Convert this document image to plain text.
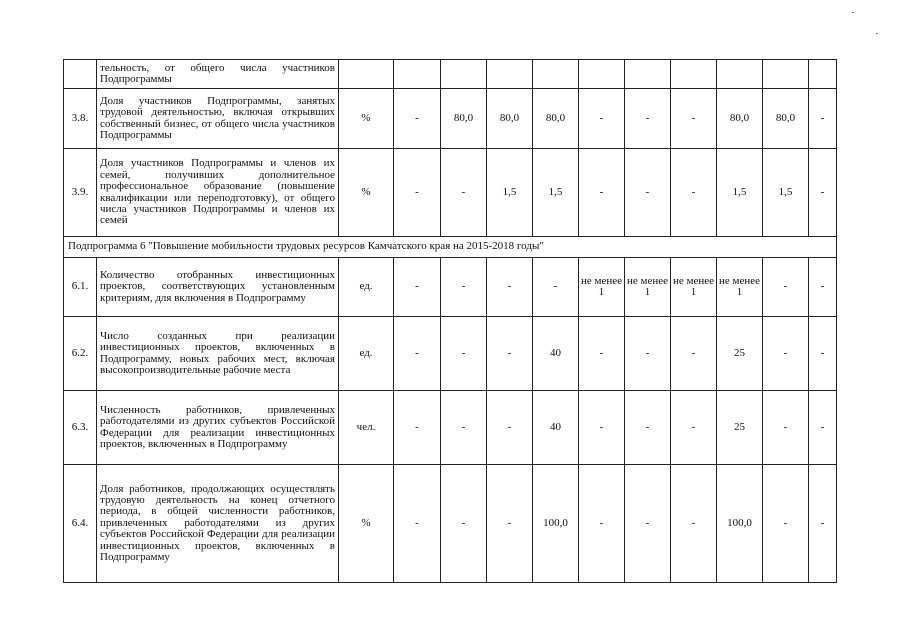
	тельность, от общего числа участников Подпрограммы											
3.8.	Доля участников Подпрограммы, занятых трудовой деятельностью, включая открывших собственный бизнес, от общего числа участников Подпрограммы	%	-	80,0	80,0	80,0	-	-	-	80,0	80,0	-
3.9.	Доля участников Подпрограммы и членов их семей, получивших дополнительное профессиональное образование (повышение квалификации или переподготовку), от общего числа участников Подпрограммы и членов их семей	%	-	-	1,5	1,5	-	-	-	1,5	1,5	-
Подпрограмма 6 "Повышение мобильности трудовых ресурсов Камчатского края на 2015-2018 годы"												
6.1.	Количество отобранных инвестиционных проектов, соответствующих установленным критериям, для включения в Подпрограмму	ед.	-	-	-	-	не менее 1	не менее 1	не менее 1	не менее 1	-	-
6.2.	Число созданных при реализации инвестиционных проектов, включенных в Подпрограмму, новых рабочих мест, включая высокопроизводительные рабочие места	ед.	-	-	-	40	-	-	-	25	-	-
6.3.	Численность работников, привлеченных работодателями из других субъектов Российской Федерации для реализации инвестиционных проектов, включенных в Подпрограмму	чел.	-	-	-	40	-	-	-	25	-	-
6.4.	Доля работников, продолжающих осуществлять трудовую деятельность на конец отчетного периода, в общей численности работников, привлеченных работодателями из других субъектов Российской Федерации для реализации инвестиционных проектов, включенных в Подпрограмму	%	-	-	-	100,0	-	-	-	100,0	-	-
